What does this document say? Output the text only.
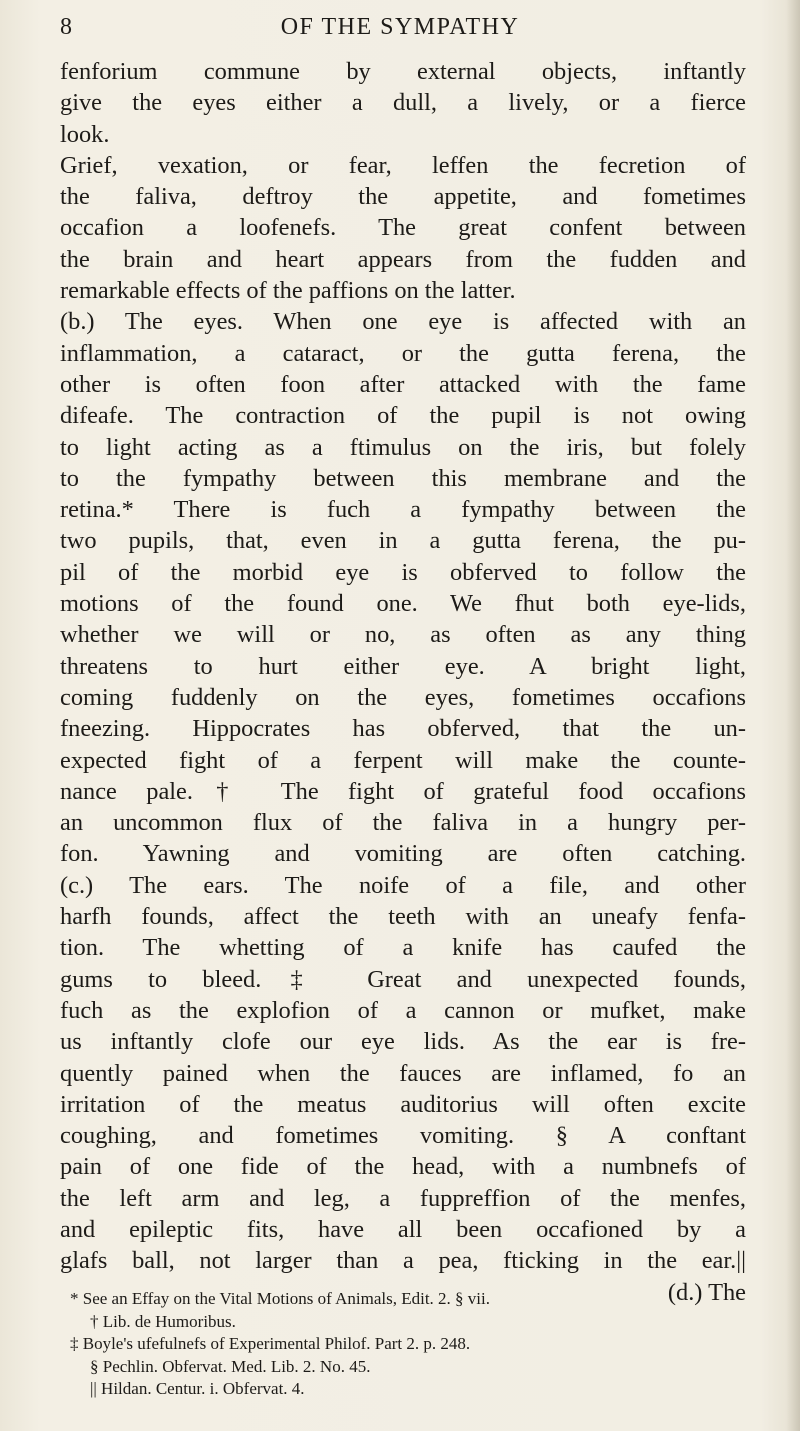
8	OF THE SYMPATHY
fenforium commune by external objects, inftantly
give the eyes either a dull, a lively, or a fierce
look.
Grief, vexation, or fear, leffen the fecretion of
the faliva, deftroy the appetite, and fometimes
occafion a loofenefs. The great confent between
the brain and heart appears from the fudden and
remarkable effects of the paffions on the latter.
(b.) The eyes. When one eye is affected with an
inflammation, a cataract, or the gutta ferena, the
other is often foon after attacked with the fame
difeafe. The contraction of the pupil is not owing
to light acting as a ftimulus on the iris, but folely
to the fympathy between this membrane and the
retina.* There is fuch a fympathy between the
two pupils, that, even in a gutta ferena, the pu-
pil of the morbid eye is obferved to follow the
motions of the found one. We fhut both eye-lids,
whether we will or no, as often as any thing
threatens to hurt either eye. A bright light,
coming fuddenly on the eyes, fometimes occafions
fneezing. Hippocrates has obferved, that the un-
expected fight of a ferpent will make the counte-
nance pale.† The fight of grateful food occafions
an uncommon flux of the faliva in a hungry per-
fon. Yawning and vomiting are often catching.
(c.) The ears. The noife of a file, and other
harfh founds, affect the teeth with an uneafy fenfa-
tion. The whetting of a knife has caufed the
gums to bleed.‡ Great and unexpected founds,
fuch as the explofion of a cannon or mufket, make
us inftantly clofe our eye lids. As the ear is fre-
quently pained when the fauces are inflamed, fo an
irritation of the meatus auditorius will often excite
coughing, and fometimes vomiting. § A conftant
pain of one fide of the head, with a numbnefs of
the left arm and leg, a fuppreffion of the menfes,
and epileptic fits, have all been occafioned by a
glafs ball, not larger than a pea, fticking in the ear.||
(d.) The
* See an Effay on the Vital Motions of Animals, Edit. 2. § vii.
† Lib. de Humoribus.
‡ Boyle's ufefulnefs of Experimental Philof. Part 2. p. 248.
§ Pechlin. Obfervat. Med. Lib. 2. No. 45.
|| Hildan. Centur. i. Obfervat. 4.
